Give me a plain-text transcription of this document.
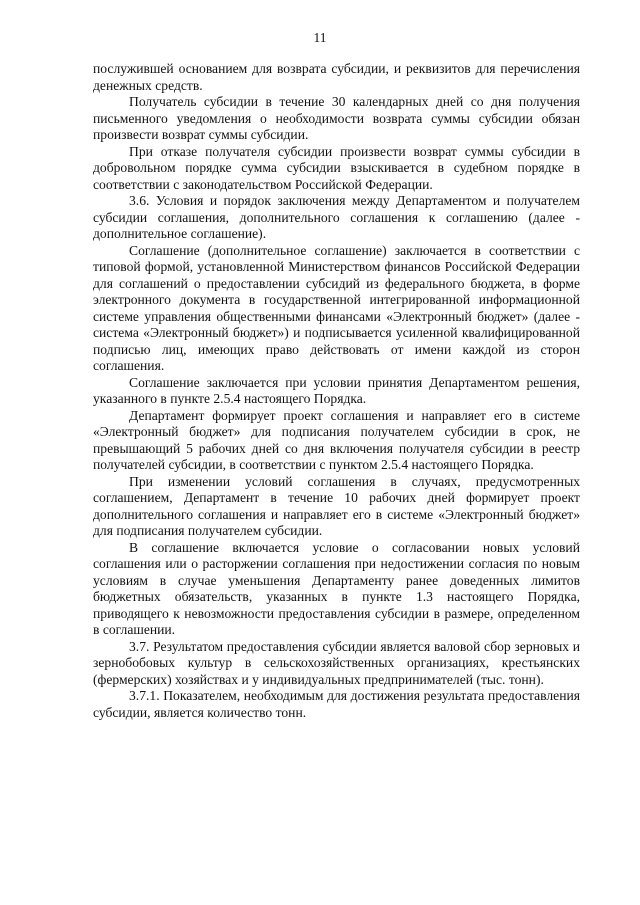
11

послужившей основанием для возврата субсидии, и реквизитов для перечисления денежных средств.

Получатель субсидии в течение 30 календарных дней со дня получения письменного уведомления о необходимости возврата суммы субсидии обязан произвести возврат суммы субсидии.

При отказе получателя субсидии произвести возврат суммы субсидии в добровольном порядке сумма субсидии взыскивается в судебном порядке в соответствии с законодательством Российской Федерации.

3.6. Условия и порядок заключения между Департаментом и получателем субсидии соглашения, дополнительного соглашения к соглашению (далее - дополнительное соглашение).

Соглашение (дополнительное соглашение) заключается в соответствии с типовой формой, установленной Министерством финансов Российской Федерации для соглашений о предоставлении субсидий из федерального бюджета, в форме электронного документа в государственной интегрированной информационной системе управления общественными финансами «Электронный бюджет» (далее - система «Электронный бюджет») и подписывается усиленной квалифицированной подписью лиц, имеющих право действовать от имени каждой из сторон соглашения.

Соглашение заключается при условии принятия Департаментом решения, указанного в пункте 2.5.4 настоящего Порядка.

Департамент формирует проект соглашения и направляет его в системе «Электронный бюджет» для подписания получателем субсидии в срок, не превышающий 5 рабочих дней со дня включения получателя субсидии в реестр получателей субсидии, в соответствии с пунктом 2.5.4 настоящего Порядка.

При изменении условий соглашения в случаях, предусмотренных соглашением, Департамент в течение 10 рабочих дней формирует проект дополнительного соглашения и направляет его в системе «Электронный бюджет» для подписания получателем субсидии.

В соглашение включается условие о согласовании новых условий соглашения или о расторжении соглашения при недостижении согласия по новым условиям в случае уменьшения Департаменту ранее доведенных лимитов бюджетных обязательств, указанных в пункте 1.3 настоящего Порядка, приводящего к невозможности предоставления субсидии в размере, определенном в соглашении.

3.7. Результатом предоставления субсидии является валовой сбор зерновых и зернобобовых культур в сельскохозяйственных организациях, крестьянских (фермерских) хозяйствах и у индивидуальных предпринимателей (тыс. тонн).

3.7.1. Показателем, необходимым для достижения результата предоставления субсидии, является количество тонн.
